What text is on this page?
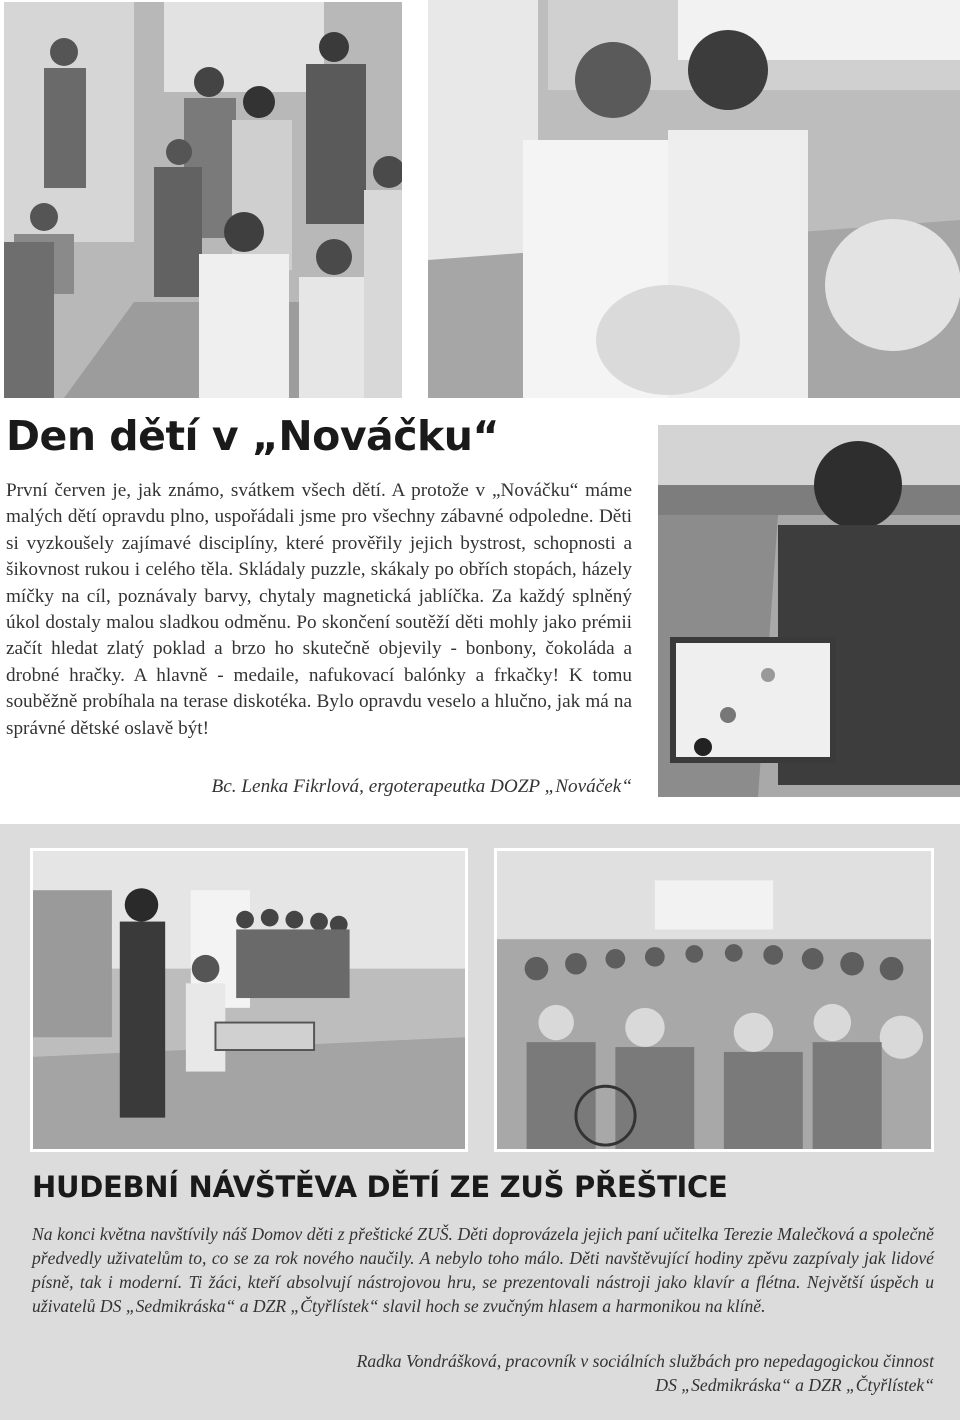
Den dětí v „Nováčku“

První červen je, jak známo, svátkem všech dětí. A protože v „Nováčku“ máme malých dětí opravdu plno, uspořádali jsme pro všechny zábavné odpoledne. Děti si vyzkoušely zajímavé disciplíny, které prověřily jejich bystrost, schopnosti a šikovnost rukou i celého těla. Skládaly puzzle, skákaly po obřích stopách, házely míčky na cíl, poznávaly barvy, chytaly magnetická jablíčka. Za každý splněný úkol dostaly malou sladkou odměnu. Po skončení soutěží děti mohly jako prémii začít hledat zlatý poklad a brzo ho skutečně objevily - bonbony, čokoláda a drobné hračky. A hlavně - medaile, nafukovací balónky a frkačky! K tomu souběžně probíhala na terase diskotéka. Bylo opravdu veselo a hlučno, jak má na správné dětské oslavě být!

Bc. Lenka Fikrlová, ergoterapeutka DOZP „Nováček“

HUDEBNÍ NÁVŠTĚVA DĚTÍ ZE ZUŠ PŘEŠTICE

Na konci května navštívily náš Domov děti z přeštické ZUŠ. Děti doprovázela jejich paní učitelka Terezie Malečková a společně předvedly uživatelům to, co se za rok nového naučily. A nebylo toho málo. Děti navštěvující hodiny zpěvu zazpívaly jak lidové písně, tak i moderní. Ti žáci, kteří absolvují nástrojovou hru, se prezentovali nástroji jako klavír a flétna. Největší úspěch u uživatelů DS „Sedmikráska“ a DZR „Čtyřlístek“ slavil hoch se zvučným hlasem a harmonikou na klíně.

Radka Vondrášková, pracovník v sociálních službách pro nepedagogickou činnost
DS „Sedmikráska“ a DZR „Čtyřlístek“
